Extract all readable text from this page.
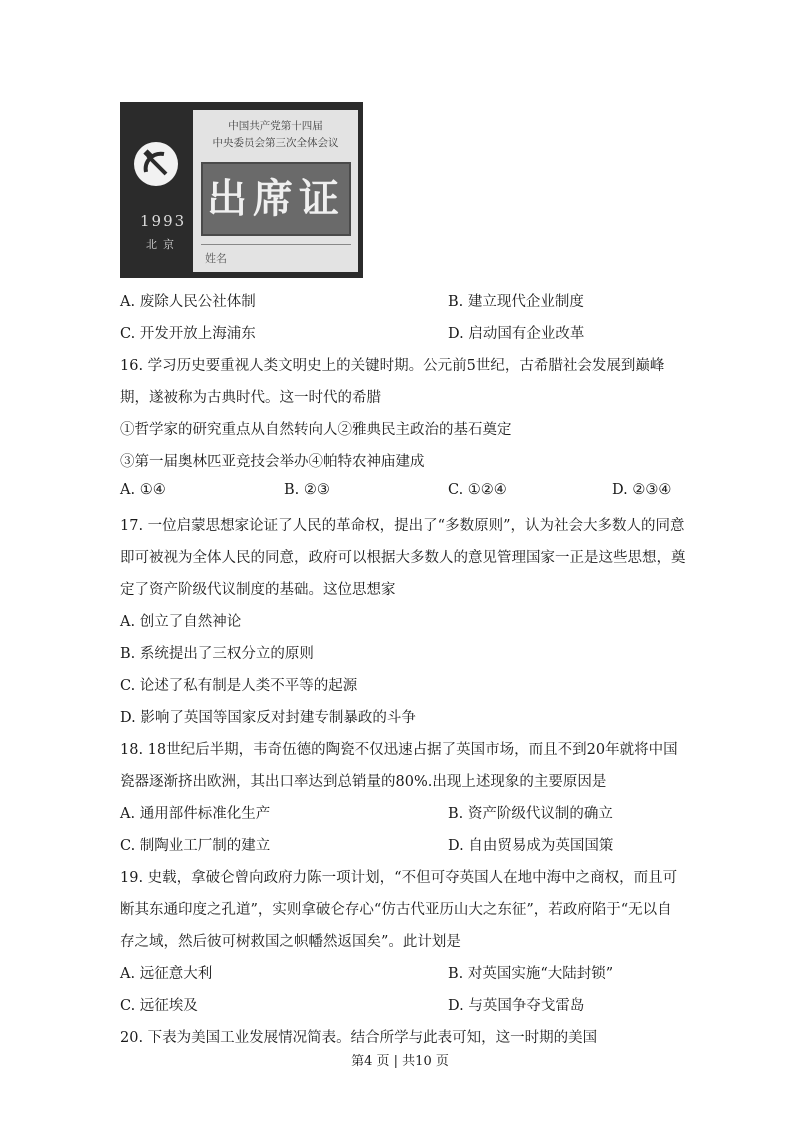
1993
北京
中国共产党第十四届
中央委员会第三次全体会议
出席证
姓名
A. 废除人民公社体制	B. 建立现代企业制度
C. 开发开放上海浦东	D. 启动国有企业改革
16. 学习历史要重视人类文明史上的关键时期。公元前5世纪，古希腊社会发展到巅峰
期，遂被称为古典时代。这一时代的希腊
①哲学家的研究重点从自然转向人②雅典民主政治的基石奠定
③第一届奥林匹亚竞技会举办④帕特农神庙建成
A. ①④	B. ②③	C. ①②④	D. ②③④
17. 一位启蒙思想家论证了人民的革命权，提出了“多数原则”，认为社会大多数人的同意
即可被视为全体人民的同意，政府可以根据大多数人的意见管理国家一正是这些思想，奠
定了资产阶级代议制度的基础。这位思想家
A. 创立了自然神论
B. 系统提出了三权分立的原则
C. 论述了私有制是人类不平等的起源
D. 影响了英国等国家反对封建专制暴政的斗争
18. 18世纪后半期，韦奇伍德的陶瓷不仅迅速占据了英国市场，而且不到20年就将中国
瓷器逐渐挤出欧洲，其出口率达到总销量的80%.出现上述现象的主要原因是
A. 通用部件标准化生产	B. 资产阶级代议制的确立
C. 制陶业工厂制的建立	D. 自由贸易成为英国国策
19. 史载，拿破仑曾向政府力陈一项计划，“不但可夺英国人在地中海中之商权，而且可
断其东通印度之孔道”，实则拿破仑存心“仿古代亚历山大之东征”，若政府陷于“无以自
存之域，然后彼可树救国之帜幡然返国矣”。此计划是
A. 远征意大利	B. 对英国实施“大陆封锁”
C. 远征埃及	D. 与英国争夺戈雷岛
20. 下表为美国工业发展情况简表。结合所学与此表可知，这一时期的美国
第4 页 | 共10 页
